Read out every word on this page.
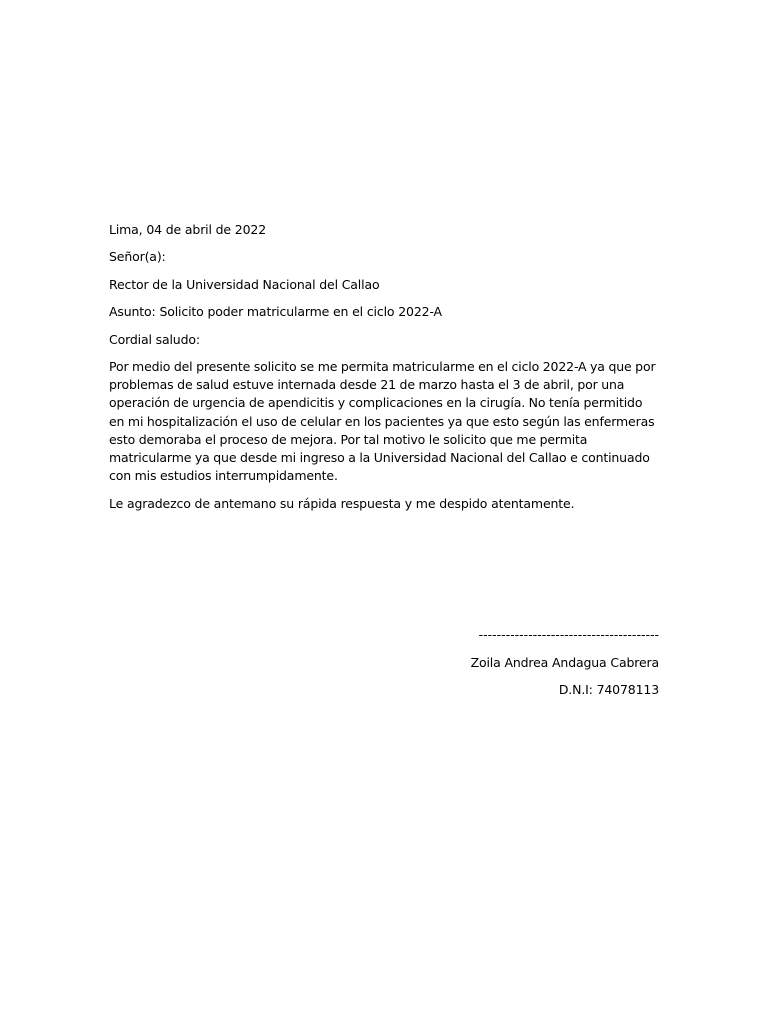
Lima, 04 de abril de 2022

Señor(a):

Rector de la Universidad Nacional del Callao

Asunto: Solicito poder matricularme en el ciclo 2022-A

Cordial saludo:

Por medio del presente solicito se me permita matricularme en el ciclo 2022-A ya que por problemas de salud estuve internada desde 21 de marzo hasta el 3 de abril, por una operación de urgencia de apendicitis y complicaciones en la cirugía. No tenía permitido en mi hospitalización el uso de celular en los pacientes ya que esto según las enfermeras esto demoraba el proceso de mejora. Por tal motivo le solicito que me permita matricularme ya que desde mi ingreso a la Universidad Nacional del Callao e continuado con mis estudios interrumpidamente.

Le agradezco de antemano su rápida respuesta y me despido atentamente.

----------------------------------------
Zoila Andrea Andagua Cabrera
D.N.I: 74078113
